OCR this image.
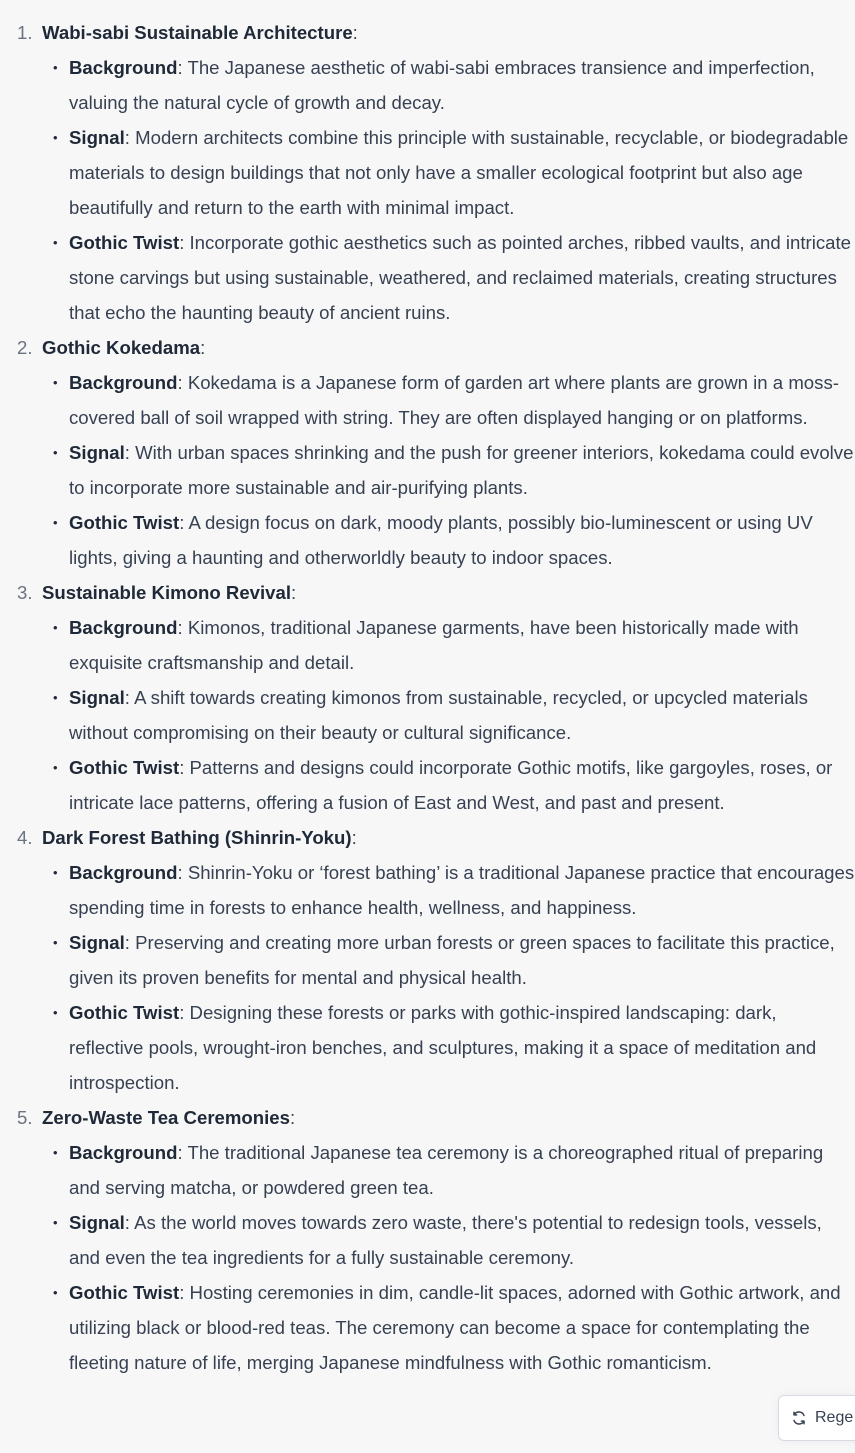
1. Wabi-sabi Sustainable Architecture:
• Background: The Japanese aesthetic of wabi-sabi embraces transience and imperfection, valuing the natural cycle of growth and decay.
• Signal: Modern architects combine this principle with sustainable, recyclable, or biodegradable materials to design buildings that not only have a smaller ecological footprint but also age beautifully and return to the earth with minimal impact.
• Gothic Twist: Incorporate gothic aesthetics such as pointed arches, ribbed vaults, and intricate stone carvings but using sustainable, weathered, and reclaimed materials, creating structures that echo the haunting beauty of ancient ruins.
2. Gothic Kokedama:
• Background: Kokedama is a Japanese form of garden art where plants are grown in a moss-covered ball of soil wrapped with string. They are often displayed hanging or on platforms.
• Signal: With urban spaces shrinking and the push for greener interiors, kokedama could evolve to incorporate more sustainable and air-purifying plants.
• Gothic Twist: A design focus on dark, moody plants, possibly bio-luminescent or using UV lights, giving a haunting and otherworldly beauty to indoor spaces.
3. Sustainable Kimono Revival:
• Background: Kimonos, traditional Japanese garments, have been historically made with exquisite craftsmanship and detail.
• Signal: A shift towards creating kimonos from sustainable, recycled, or upcycled materials without compromising on their beauty or cultural significance.
• Gothic Twist: Patterns and designs could incorporate Gothic motifs, like gargoyles, roses, or intricate lace patterns, offering a fusion of East and West, and past and present.
4. Dark Forest Bathing (Shinrin-Yoku):
• Background: Shinrin-Yoku or ‘forest bathing’ is a traditional Japanese practice that encourages spending time in forests to enhance health, wellness, and happiness.
• Signal: Preserving and creating more urban forests or green spaces to facilitate this practice, given its proven benefits for mental and physical health.
• Gothic Twist: Designing these forests or parks with gothic-inspired landscaping: dark, reflective pools, wrought-iron benches, and sculptures, making it a space of meditation and introspection.
5. Zero-Waste Tea Ceremonies:
• Background: The traditional Japanese tea ceremony is a choreographed ritual of preparing and serving matcha, or powdered green tea.
• Signal: As the world moves towards zero waste, there's potential to redesign tools, vessels, and even the tea ingredients for a fully sustainable ceremony.
• Gothic Twist: Hosting ceremonies in dim, candle-lit spaces, adorned with Gothic artwork, and utilizing black or blood-red teas. The ceremony can become a space for contemplating the fleeting nature of life, merging Japanese mindfulness with Gothic romanticism.
Rege
